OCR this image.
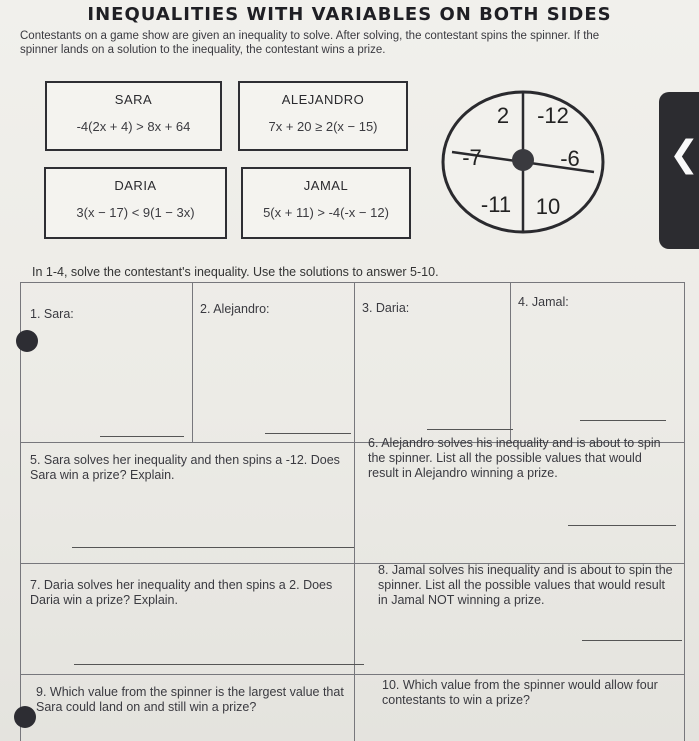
INEQUALITIES WITH VARIABLES ON BOTH SIDES
Contestants on a game show are given an inequality to solve. After solving, the contestant spins the spinner. If the spinner lands on a solution to the inequality, the contestant wins a prize.
SARA
-4(2x + 4) > 8x + 64
ALEJANDRO
7x + 20 ≥ 2(x − 15)
DARIA
3(x − 17) < 9(1 − 3x)
JAMAL
5(x + 11) > -4(-x − 12)
2 -12
-6
10
-11
-7	❮
In 1-4, solve the contestant's inequality. Use the solutions to answer 5-10.
1. Sara:	2. Alejandro:	3. Daria:	4. Jamal:
5. Sara solves her inequality and then spins a -12. Does Sara win a prize? Explain.
6. Alejandro solves his inequality and is about to spin the spinner. List all the possible values that would result in Alejandro winning a prize.
7. Daria solves her inequality and then spins a 2. Does Daria win a prize? Explain.
8. Jamal solves his inequality and is about to spin the spinner. List all the possible values that would result in Jamal NOT winning a prize.
9. Which value from the spinner is the largest value that Sara could land on and still win a prize?
10. Which value from the spinner would allow four contestants to win a prize?
